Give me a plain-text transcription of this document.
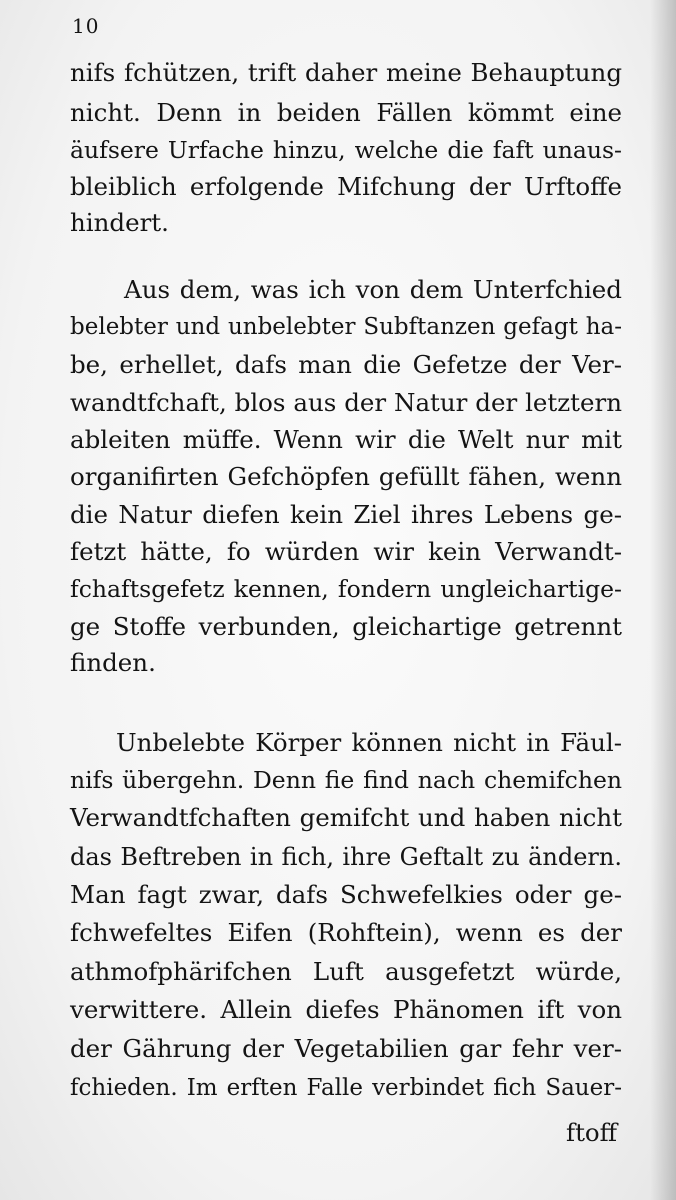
10
nifs fchützen, trift daher meine Behauptung
nicht. Denn in beiden Fällen kömmt eine
äufsere Urfache hinzu, welche die faft unaus-
bleiblich erfolgende Mifchung der Urftoffe
hindert.
Aus dem, was ich von dem Unterfchied
belebter und unbelebter Subftanzen gefagt ha-
be, erhellet, dafs man die Gefetze der Ver-
wandtfchaft, blos aus der Natur der letztern
ableiten müffe. Wenn wir die Welt nur mit
organifirten Gefchöpfen gefüllt fähen, wenn
die Natur diefen kein Ziel ihres Lebens ge-
fetzt hätte, fo würden wir kein Verwandt-
fchaftsgefetz kennen, fondern ungleichartige-
ge Stoffe verbunden, gleichartige getrennt
finden.
Unbelebte Körper können nicht in Fäul-
nifs übergehn. Denn fie find nach chemifchen
Verwandtfchaften gemifcht und haben nicht
das Beftreben in fich, ihre Geftalt zu ändern.
Man fagt zwar, dafs Schwefelkies oder ge-
fchwefeltes Eifen (Rohftein), wenn es der
athmofphärifchen Luft ausgefetzt würde,
verwittere. Allein diefes Phänomen ift von
der Gährung der Vegetabilien gar fehr ver-
fchieden. Im erften Falle verbindet fich Sauer-
ftoff
